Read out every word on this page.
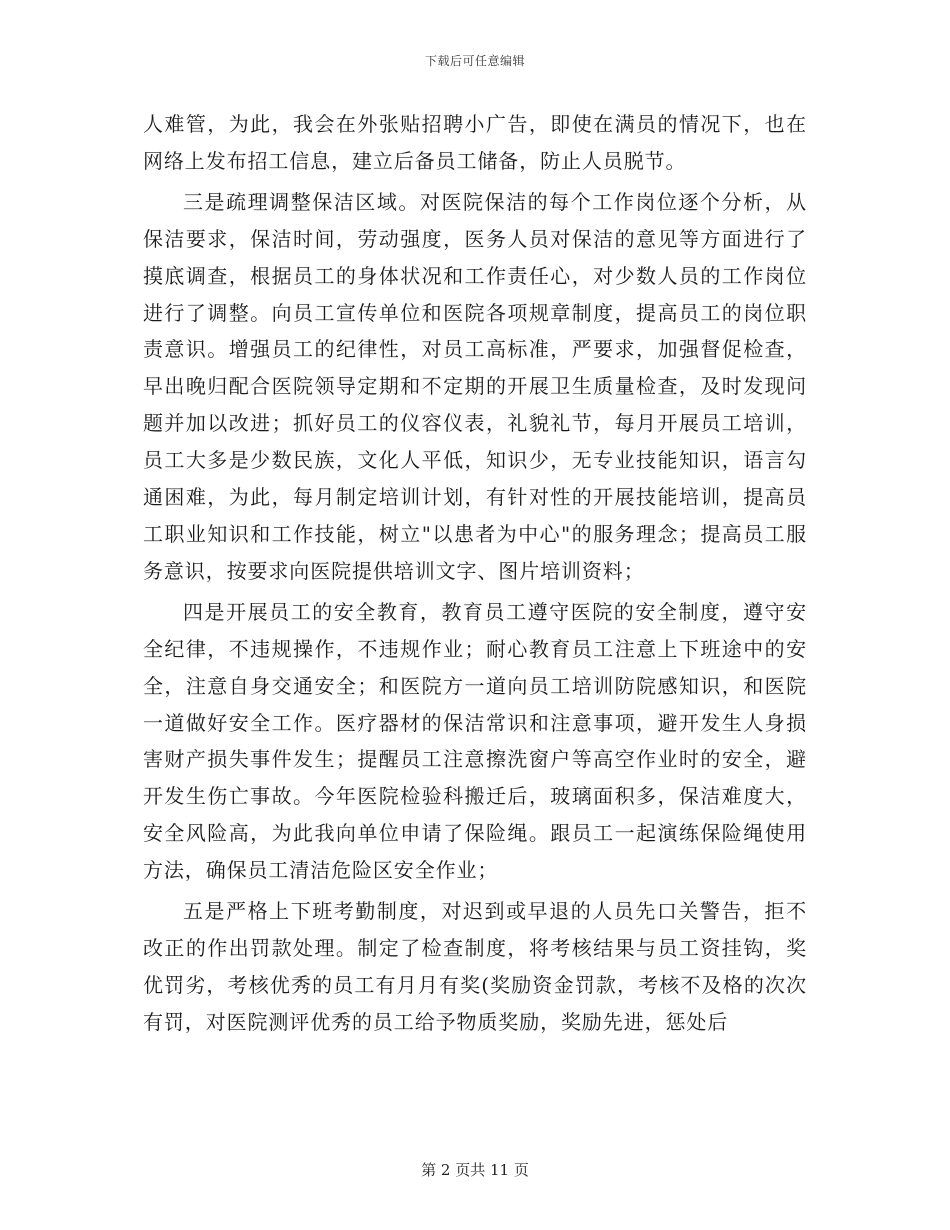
下载后可任意编辑

人难管，为此，我会在外张贴招聘小广告，即使在满员的情况下，也在网络上发布招工信息，建立后备员工储备，防止人员脱节。

三是疏理调整保洁区域。对医院保洁的每个工作岗位逐个分析，从保洁要求，保洁时间，劳动强度，医务人员对保洁的意见等方面进行了摸底调查，根据员工的身体状况和工作责任心，对少数人员的工作岗位进行了调整。向员工宣传单位和医院各项规章制度，提高员工的岗位职责意识。增强员工的纪律性，对员工高标准，严要求，加强督促检查，早出晚归配合医院领导定期和不定期的开展卫生质量检查，及时发现问题并加以改进；抓好员工的仪容仪表，礼貌礼节，每月开展员工培训，员工大多是少数民族，文化人平低，知识少，无专业技能知识，语言勾通困难，为此，每月制定培训计划，有针对性的开展技能培训，提高员工职业知识和工作技能，树立"以患者为中心"的服务理念；提高员工服务意识，按要求向医院提供培训文字、图片培训资料；

四是开展员工的安全教育，教育员工遵守医院的安全制度，遵守安全纪律，不违规操作，不违规作业；耐心教育员工注意上下班途中的安全，注意自身交通安全；和医院方一道向员工培训防院感知识，和医院一道做好安全工作。医疗器材的保洁常识和注意事项，避开发生人身损害财产损失事件发生；提醒员工注意擦洗窗户等高空作业时的安全，避开发生伤亡事故。今年医院检验科搬迁后，玻璃面积多，保洁难度大，安全风险高，为此我向单位申请了保险绳。跟员工一起演练保险绳使用方法，确保员工清洁危险区安全作业；

五是严格上下班考勤制度，对迟到或早退的人员先口关警告，拒不改正的作出罚款处理。制定了检查制度，将考核结果与员工资挂钩，奖优罚劣，考核优秀的员工有月月有奖(奖励资金罚款，考核不及格的次次有罚，对医院测评优秀的员工给予物质奖励，奖励先进，惩处后

第 2 页共 11 页
